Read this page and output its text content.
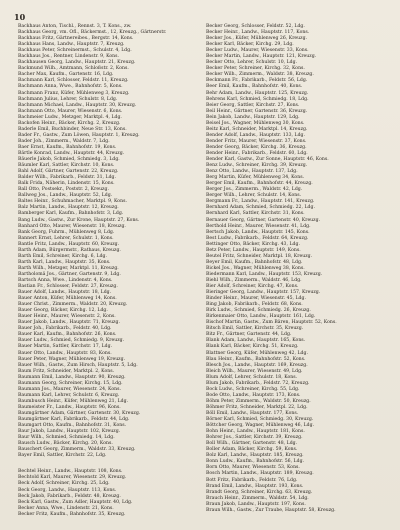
10

Backhaus Anton, Tischl., Rennst. 3, T. Kons., zw.

Backhaus Georg, vm. Ofl., Bäckermst., 12, Kreuzg., Gärtnerstr.

Backhaus Fritz, Gärtnereibes., Bergstr. 14, Kons.

Backhaus Hans, Landw., Hauptstr. 7, Kreuzg.

Backhaus Peter, Schreinermst., Schulstr. 4, Ldg.

Backhaus Jos., Rentner, Lindenstr. 9, Kons.

Backhausen Georg, Landw., Hauptstr. 21, Kreuzg.

Backmund Wilh., Amtmann, Schloßstr. 2, Kons.

Bacher Max, Kaufm., Gartenstr. 16, Ldg.

Bachmann Karl, Schlosser, Feldstr. 11, Kreuzg.

Bachmann Anna, Wwe., Bahnhofstr. 5, Kons.

Bachmann Franz, Küfer, Mühlenweg 3, Kreuzg.

Bachmann Julius, Lehrer, Schulstr. 8, Ldg.

Bachmann Michael, Landw., Hauptstr. 30, Kreuzg.

Bachmann Otto, Maurer, Wiesenstr. 6, Kons.

Bachmeier Ludw., Metzger, Marktpl. 4, Ldg.

Backofen Heinr., Bäcker, Kirchg. 2, Kreuzg.

Baderle Emil, Buchbinder, Neue Str. 13, Kons.

Bader Fr., Gastw., Zum Löwen, Hauptstr. 1, Kreuzg.

Bader Joh., Zimmerm., Waldstr. 7, Ldg.

Baer Ernst, Kaufm., Bahnhofstr. 19, Kons.

Bärtle Konrad, Landw., Hauptstr. 44, Kreuzg.

Bäuerle Jakob, Schmied, Schmiedg. 3, Ldg.

Bäumler Karl, Sattler, Kirchstr. 10, Kons.

Bahl Adolf, Gärtner, Gartenstr. 22, Kreuzg.

Balder Wilh., Fabrikarb., Feldstr. 31, Ldg.

Balk Frida, Näherin, Lindenstr. 15, Kons.

Ball Otto, Postsekr., Poststr. 2, Kreuzg.

Ballweg Jos., Landw., Hauptstr. 52, Ldg.

Baltes Heinr., Schuhmacher, Marktpl. 9, Kons.

Balz Martin, Landw., Hauptstr. 12, Kreuzg.

Bamberger Karl, Kaufm., Bahnhofstr. 3, Ldg.

Bang Ludw., Gastw., Zur Krone, Hauptstr. 27, Kons.

Banhard Otto, Maurer, Wiesenstr. 18, Kreuzg.

Bank Georg, Fuhrm., Mühlenweg 8, Ldg.

Bannert Ernst, Lehrer, Schulstr. 1, Kons.

Bantle Fritz, Landw., Hauptstr. 60, Kreuzg.

Barth Adam, Bürgermstr., Rathaus, Kreuzg.

Barth Emil, Schreiner, Kirchg. 6, Ldg.

Barth Karl, Landw., Hauptstr. 35, Kons.

Barth Wilh., Metzger, Marktpl. 11, Kreuzg.

Bartholomä Jos., Gärtner, Gartenstr. 9, Ldg.

Bartsch Anna, Wwe., Lindenstr. 4, Kons.

Bastian Fr., Schlosser, Feldstr. 27, Kreuzg.

Bauer Adolf, Landw., Hauptstr. 18, Ldg.

Bauer Anton, Küfer, Mühlenweg 14, Kons.

Bauer Christ., Zimmerm., Waldstr. 20, Kreuzg.

Bauer Georg, Bäcker, Kirchg. 12, Ldg.

Bauer Heinr., Maurer, Wiesenstr. 2, Kons.

Bauer Jakob, Landw., Hauptstr. 71, Kreuzg.

Bauer Joh., Fabrikarb., Feldstr. 40, Ldg.

Bauer Karl, Kaufm., Bahnhofstr. 26, Kons.

Bauer Ludw., Schmied, Schmiedg. 9, Kreuzg.

Bauer Martin, Sattler, Kirchstr. 17, Ldg.

Bauer Otto, Landw., Hauptstr. 83, Kons.

Bauer Peter, Wagner, Mühlenweg 19, Kreuzg.

Bauer Wilh., Gastw., Zum Hirsch, Hauptstr. 5, Ldg.

Baum Fritz, Schneider, Marktpl. 2, Kons.

Baumann Emil, Landw., Hauptstr. 90, Kreuzg.

Baumann Georg, Schreiner, Kirchg. 15, Ldg.

Baumann Jos., Maurer, Wiesenstr. 24, Kons.

Baumann Karl, Lehrer, Schulstr. 6, Kreuzg.

Baumbusch Heinr., Küfer, Mühlenweg 21, Ldg.

Baumeister Fr., Landw., Hauptstr. 96, Kons.

Baumgärtner Adam, Gärtner, Gartenstr. 30, Kreuzg.

Baumgärtner Karl, Fabrikarb., Feldstr. 44, Ldg.

Baumgart Otto, Kaufm., Bahnhofstr. 31, Kons.

Baur Jakob, Landw., Hauptstr. 102, Kreuzg.

Baur Wilh., Schmied, Schmiedg. 14, Ldg.

Bausch Ludw., Bäcker, Kirchg. 20, Kons.

Bauschert Georg, Zimmerm., Waldstr. 33, Kreuzg.

Bayer Emil, Sattler, Kirchstr. 22, Ldg.

Bechtel Heinr., Landw., Hauptstr. 108, Kons.

Bechtold Karl, Maurer, Wiesenstr. 29, Kreuzg.

Beck Adolf, Schreiner, Kirchg. 25, Ldg.

Beck Georg, Landw., Hauptstr. 113, Kons.

Beck Jakob, Fabrikarb., Feldstr. 48, Kreuzg.

Beck Karl, Gastw., Zum Adler, Hauptstr. 40, Ldg.

Becker Anna, Wwe., Lindenstr. 21, Kons.

Becker Fritz, Kaufm., Bahnhofstr. 35, Kreuzg.

Becker Georg, Schlosser, Feldstr. 52, Ldg.

Becker Heinr., Landw., Hauptstr. 117, Kons.

Becker Jos., Küfer, Mühlenweg 26, Kreuzg.

Becker Karl, Bäcker, Kirchg. 29, Ldg.

Becker Ludw., Maurer, Wiesenstr. 33, Kons.

Becker Martin, Landw., Hauptstr. 121, Kreuzg.

Becker Otto, Lehrer, Schulstr. 10, Ldg.

Becker Peter, Schreiner, Kirchg. 32, Kons.

Becker Wilh., Zimmerm., Waldstr. 38, Kreuzg.

Beckmann Fr., Fabrikarb., Feldstr. 56, Ldg.

Beer Emil, Kaufm., Bahnhofstr. 40, Kons.

Behr Adam, Landw., Hauptstr. 125, Kreuzg.

Behrens Karl, Schmied, Schmiedg. 18, Ldg.

Beier Georg, Sattler, Kirchstr. 27, Kons.

Beil Heinr., Gärtner, Gartenstr. 36, Kreuzg.

Bein Jakob, Landw., Hauptstr. 129, Ldg.

Beisel Jos., Wagner, Mühlenweg 30, Kons.

Beitz Karl, Schneider, Marktpl. 14, Kreuzg.

Bender Adolf, Landw., Hauptstr. 133, Ldg.

Bender Fritz, Maurer, Wiesenstr. 37, Kons.

Bender Georg, Bäcker, Kirchg. 36, Kreuzg.

Bender Heinr., Fabrikarb., Feldstr. 60, Ldg.

Bender Karl, Gastw., Zur Sonne, Hauptstr. 46, Kons.

Benz Ludw., Schreiner, Kirchg. 39, Kreuzg.

Benz Otto, Landw., Hauptstr. 137, Ldg.

Berg Martin, Küfer, Mühlenweg 34, Kons.

Berger Emil, Kaufm., Bahnhofstr. 44, Kreuzg.

Berger Jos., Zimmerm., Waldstr. 42, Ldg.

Berger Wilh., Lehrer, Schulstr. 14, Kons.

Bergmann Fr., Landw., Hauptstr. 141, Kreuzg.

Bernhard Adam, Schmied, Schmiedg. 22, Ldg.

Bernhard Karl, Sattler, Kirchstr. 31, Kons.

Bernauer Georg, Gärtner, Gartenstr. 40, Kreuzg.

Berthold Heinr., Maurer, Wiesenstr. 41, Ldg.

Bertsch Jakob, Landw., Hauptstr. 145, Kons.

Best Ludw., Fabrikarb., Feldstr. 64, Kreuzg.

Bettinger Otto, Bäcker, Kirchg. 43, Ldg.

Betz Peter, Landw., Hauptstr. 149, Kons.

Beutel Fritz, Schneider, Marktpl. 18, Kreuzg.

Beyer Emil, Kaufm., Bahnhofstr. 48, Ldg.

Bickel Jos., Wagner, Mühlenweg 38, Kons.

Biedermann Karl, Landw., Hauptstr. 153, Kreuzg.

Biehl Wilh., Zimmerm., Waldstr. 46, Ldg.

Bier Adolf, Schreiner, Kirchg. 47, Kons.

Bieringer Georg, Landw., Hauptstr. 157, Kreuzg.

Binder Heinr., Maurer, Wiesenstr. 45, Ldg.

Bing Jakob, Fabrikarb., Feldstr. 68, Kons.

Birk Ludw., Schmied, Schmiedg. 26, Kreuzg.

Birkenmaier Otto, Landw., Hauptstr. 161, Ldg.

Bischof Martin, Gastw., Zum Bären, Hauptstr. 52, Kons.

Bitsch Emil, Sattler, Kirchstr. 35, Kreuzg.

Bitz Fr., Gärtner, Gartenstr. 44, Ldg.

Blank Adam, Landw., Hauptstr. 165, Kons.

Blank Karl, Bäcker, Kirchg. 51, Kreuzg.

Blattner Georg, Küfer, Mühlenweg 42, Ldg.

Blau Heinr., Kaufm., Bahnhofstr. 52, Kons.

Blesch Jos., Landw., Hauptstr. 169, Kreuzg.

Bleich Wilh., Maurer, Wiesenstr. 49, Ldg.

Blum Adolf, Lehrer, Schulstr. 18, Kons.

Blum Jakob, Fabrikarb., Feldstr. 72, Kreuzg.

Bock Ludw., Schreiner, Kirchg. 55, Ldg.

Bode Otto, Landw., Hauptstr. 173, Kons.

Böhm Peter, Zimmerm., Waldstr. 50, Kreuzg.

Böhmer Fritz, Schneider, Marktpl. 22, Ldg.

Böll Emil, Landw., Hauptstr. 177, Kons.

Börner Karl, Schmied, Schmiedg. 30, Kreuzg.

Böttcher Georg, Wagner, Mühlenweg 46, Ldg.

Bohn Heinr., Landw., Hauptstr. 181, Kons.

Bohrer Jos., Sattler, Kirchstr. 39, Kreuzg.

Boll Wilh., Gärtner, Gartenstr. 48, Ldg.

Boller Adam, Bäcker, Kirchg. 59, Kons.

Bolz Karl, Landw., Hauptstr. 185, Kreuzg.

Bonn Ludw., Kaufm., Bahnhofstr. 56, Ldg.

Born Otto, Maurer, Wiesenstr. 53, Kons.

Bosch Martin, Landw., Hauptstr. 189, Kreuzg.

Bott Fritz, Fabrikarb., Feldstr. 76, Ldg.

Brand Emil, Landw., Hauptstr. 193, Kons.

Brandt Georg, Schreiner, Kirchg. 63, Kreuzg.

Brauch Heinr., Zimmerm., Waldstr. 54, Ldg.

Braun Jakob, Landw., Hauptstr. 197, Kons.

Braun Wilh., Gastw., Zur Traube, Hauptstr. 58, Kreuzg.
